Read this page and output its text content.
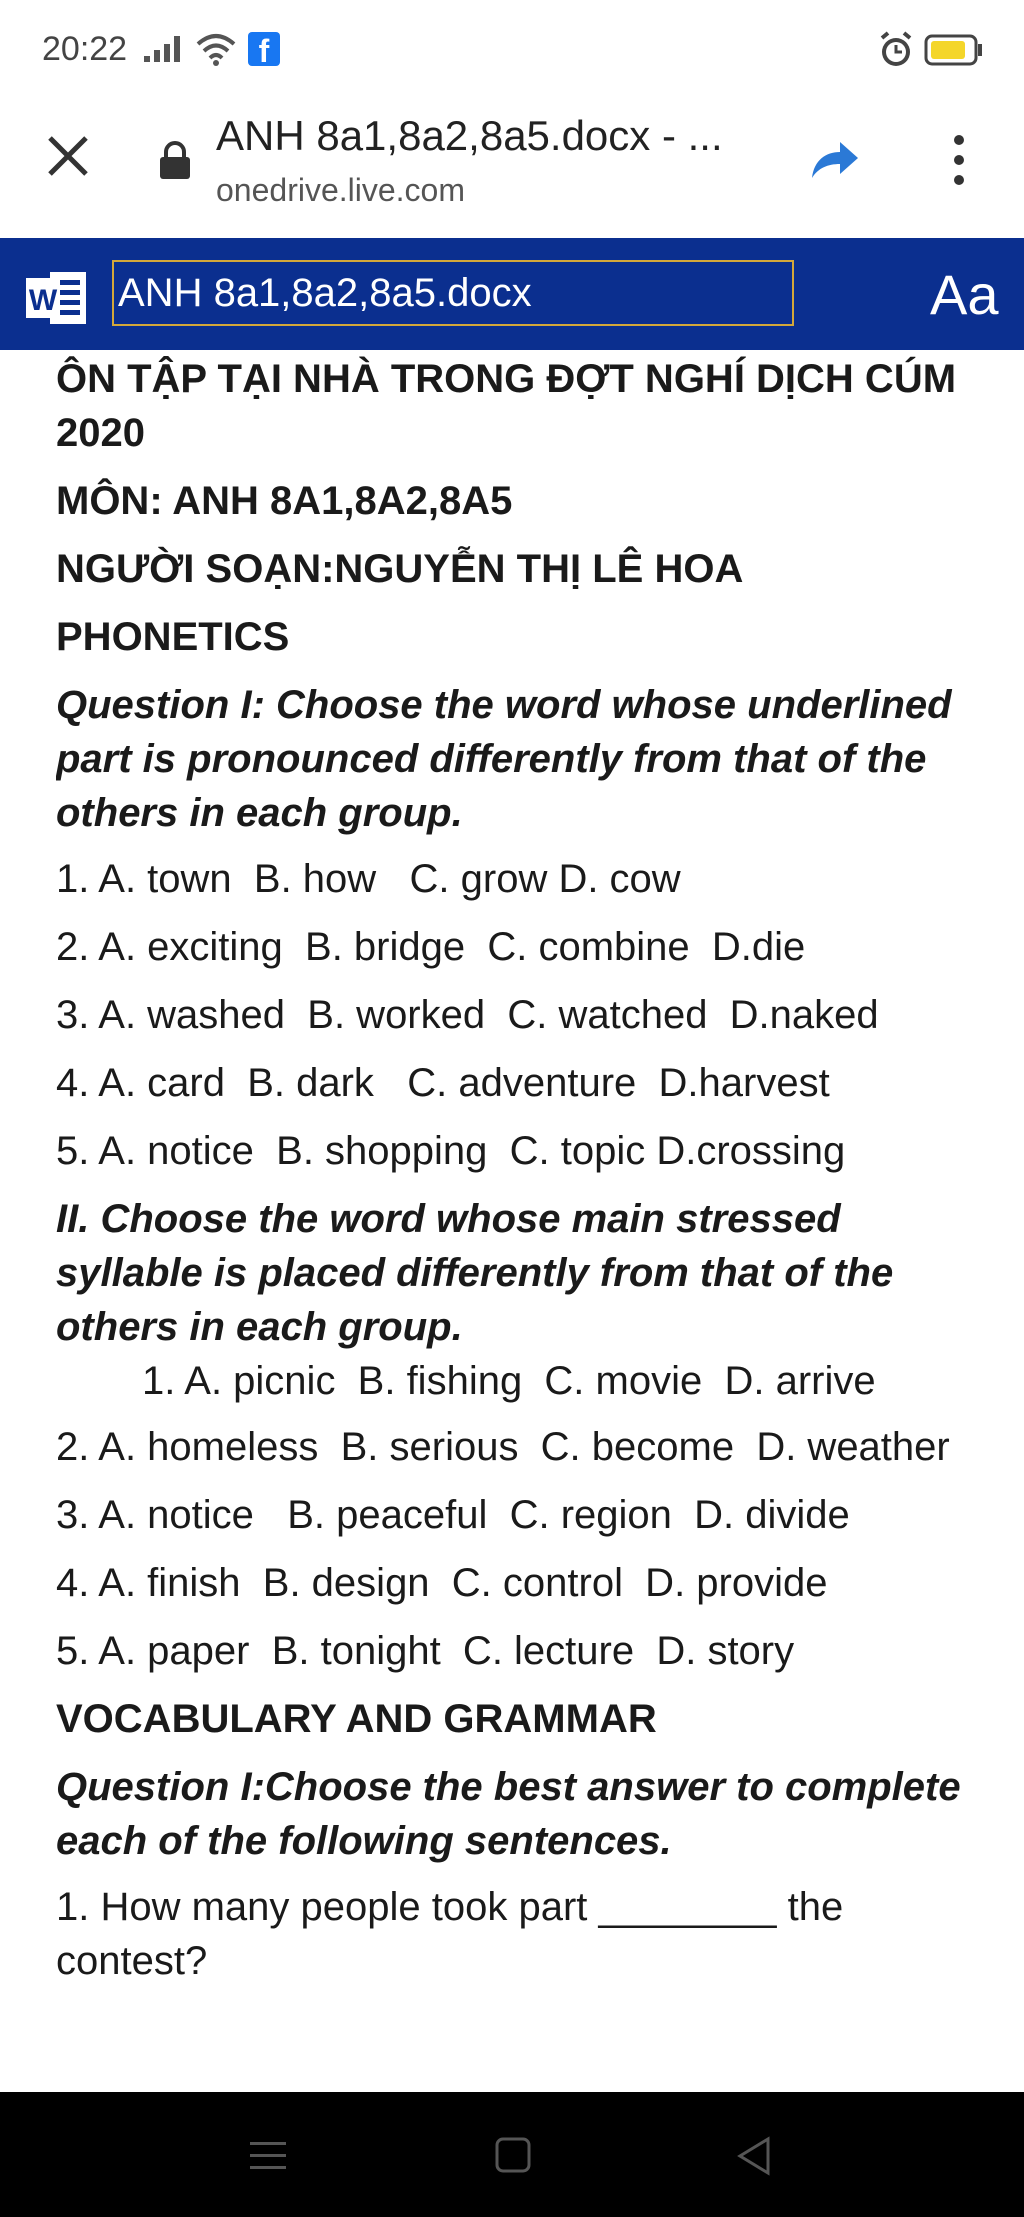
20:22	f
ANH 8a1,8a2,8a5.docx - ...
onedrive.live.com
W ANH 8a1,8a2,8a5.docx	Aa

ÔN TẬP TẠI NHÀ TRONG ĐỢT NGHÍ DỊCH CÚM 2020

MÔN: ANH 8A1,8A2,8A5

NGƯỜI SOẠN:NGUYỄN THỊ LÊ HOA

PHONETICS

Question I: Choose the word whose underlined part is pronounced differently from that of the others in each group.

1. A. town  B. how   C. grow D. cow

2. A. exciting  B. bridge  C. combine  D.die

3. A. washed  B. worked  C. watched  D.naked

4. A. card  B. dark   C. adventure  D.harvest

5. A. notice  B. shopping  C. topic D.crossing

II. Choose the word whose main stressed syllable is placed differently from that of the others in each group.

1. A. picnic  B. fishing  C. movie  D. arrive

2. A. homeless  B. serious  C. become  D. weather

3. A. notice   B. peaceful  C. region  D. divide

4. A. finish  B. design  C. control  D. provide

5. A. paper  B. tonight  C. lecture  D. story

VOCABULARY AND GRAMMAR

Question I:Choose the best answer to complete each of the following sentences.

1. How many people took part ________ the contest?
